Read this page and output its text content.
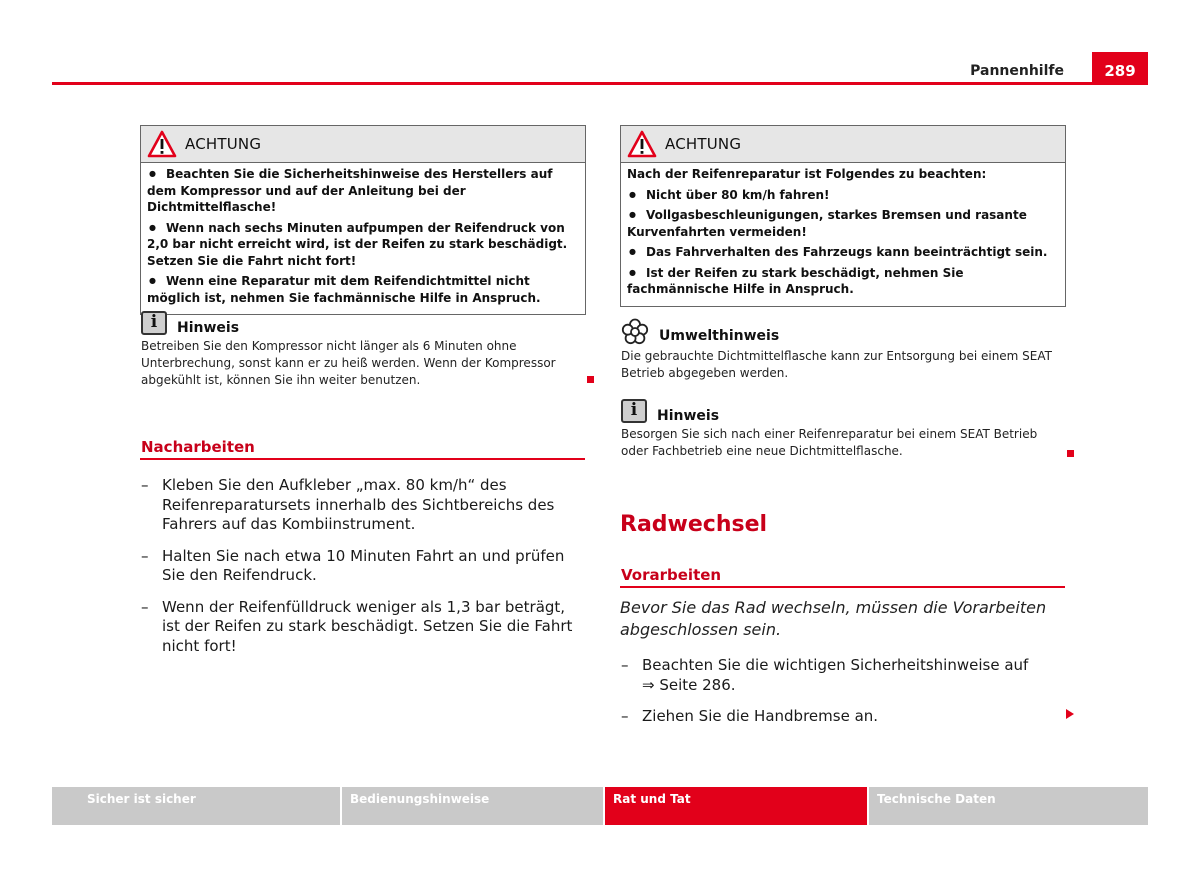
Pannenhilfe	289
ACHTUNG

● Beachten Sie die Sicherheitshinweise des Herstellers auf dem Kompressor und auf der Anleitung bei der Dichtmittelflasche!

● Wenn nach sechs Minuten aufpumpen der Reifendruck von 2,0 bar nicht erreicht wird, ist der Reifen zu stark beschädigt. Setzen Sie die Fahrt nicht fort!

● Wenn eine Reparatur mit dem Reifendichtmittel nicht möglich ist, nehmen Sie fachmännische Hilfe in Anspruch.

i	Hinweis
Betreiben Sie den Kompressor nicht länger als 6 Minuten ohne Unterbrechung, sonst kann er zu heiß werden. Wenn der Kompressor abgekühlt ist, können Sie ihn weiter benutzen.
Nacharbeiten
– Kleben Sie den Aufkleber „max. 80 km/h“ des Reifenreparatursets innerhalb des Sichtbereichs des Fahrers auf das Kombiinstrument.
– Halten Sie nach etwa 10 Minuten Fahrt an und prüfen Sie den Reifendruck.
– Wenn der Reifenfülldruck weniger als 1,3 bar beträgt, ist der Reifen zu stark beschädigt. Setzen Sie die Fahrt nicht fort!
ACHTUNG

Nach der Reifenreparatur ist Folgendes zu beachten:

● Nicht über 80 km/h fahren!

● Vollgasbeschleunigungen, starkes Bremsen und rasante Kurvenfahrten vermeiden!

● Das Fahrverhalten des Fahrzeugs kann beeinträchtigt sein.

● Ist der Reifen zu stark beschädigt, nehmen Sie fachmännische Hilfe in Anspruch.

Umwelthinweis
Die gebrauchte Dichtmittelflasche kann zur Entsorgung bei einem SEAT Betrieb abgegeben werden.
i	Hinweis
Besorgen Sie sich nach einer Reifenreparatur bei einem SEAT Betrieb oder Fachbetrieb eine neue Dichtmittelflasche.
Radwechsel
Vorarbeiten
Bevor Sie das Rad wechseln, müssen die Vorarbeiten abgeschlossen sein.
– Beachten Sie die wichtigen Sicherheitshinweise auf ⇒ Seite 286.
– Ziehen Sie die Handbremse an.
Sicher ist sicher	Bedienungshinweise	Rat und Tat	Technische Daten
